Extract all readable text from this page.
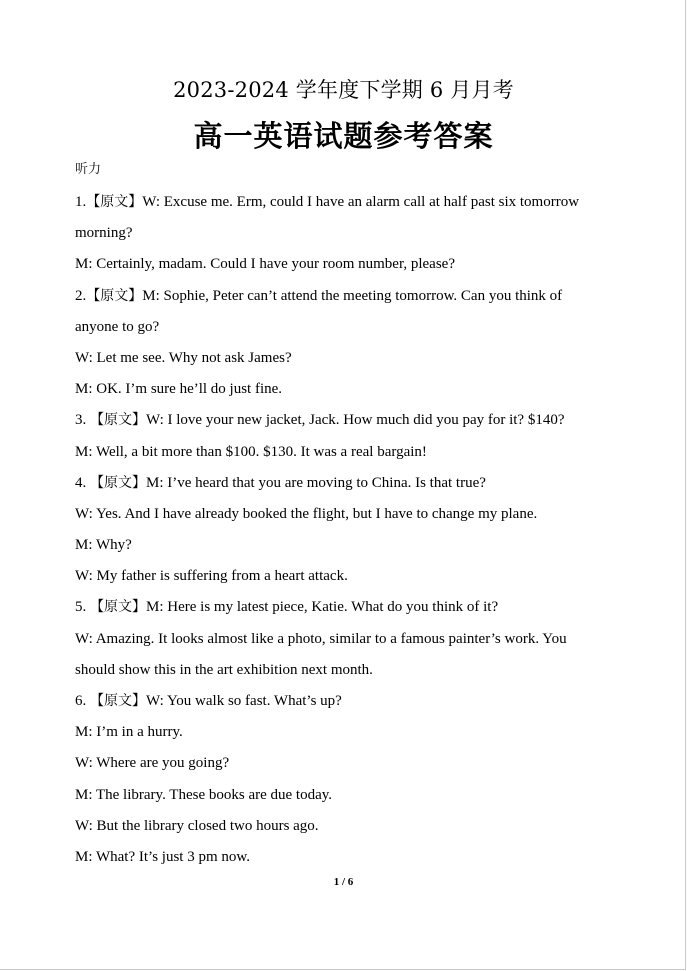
2023-2024 学年度下学期 6 月月考
高一英语试题参考答案
听力
1.【原文】W: Excuse me. Erm, could I have an alarm call at half past six tomorrow
morning?
M: Certainly, madam. Could I have your room number, please?
2.【原文】M: Sophie, Peter can’t attend the meeting tomorrow. Can you think of
anyone to go?
W: Let me see. Why not ask James?
M: OK. I’m sure he’ll do just fine.
3. 【原文】W: I love your new jacket, Jack. How much did you pay for it? $140?
M: Well, a bit more than $100. $130. It was a real bargain!
4. 【原文】M: I’ve heard that you are moving to China. Is that true?
W: Yes. And I have already booked the flight, but I have to change my plane.
M: Why?
W: My father is suffering from a heart attack.
5. 【原文】M: Here is my latest piece, Katie. What do you think of it?
W: Amazing. It looks almost like a photo, similar to a famous painter’s work. You
should show this in the art exhibition next month.
6. 【原文】W: You walk so fast. What’s up?
M: I’m in a hurry.
W: Where are you going?
M: The library. These books are due today.
W: But the library closed two hours ago.
M: What? It’s just 3 pm now.
1 / 6
